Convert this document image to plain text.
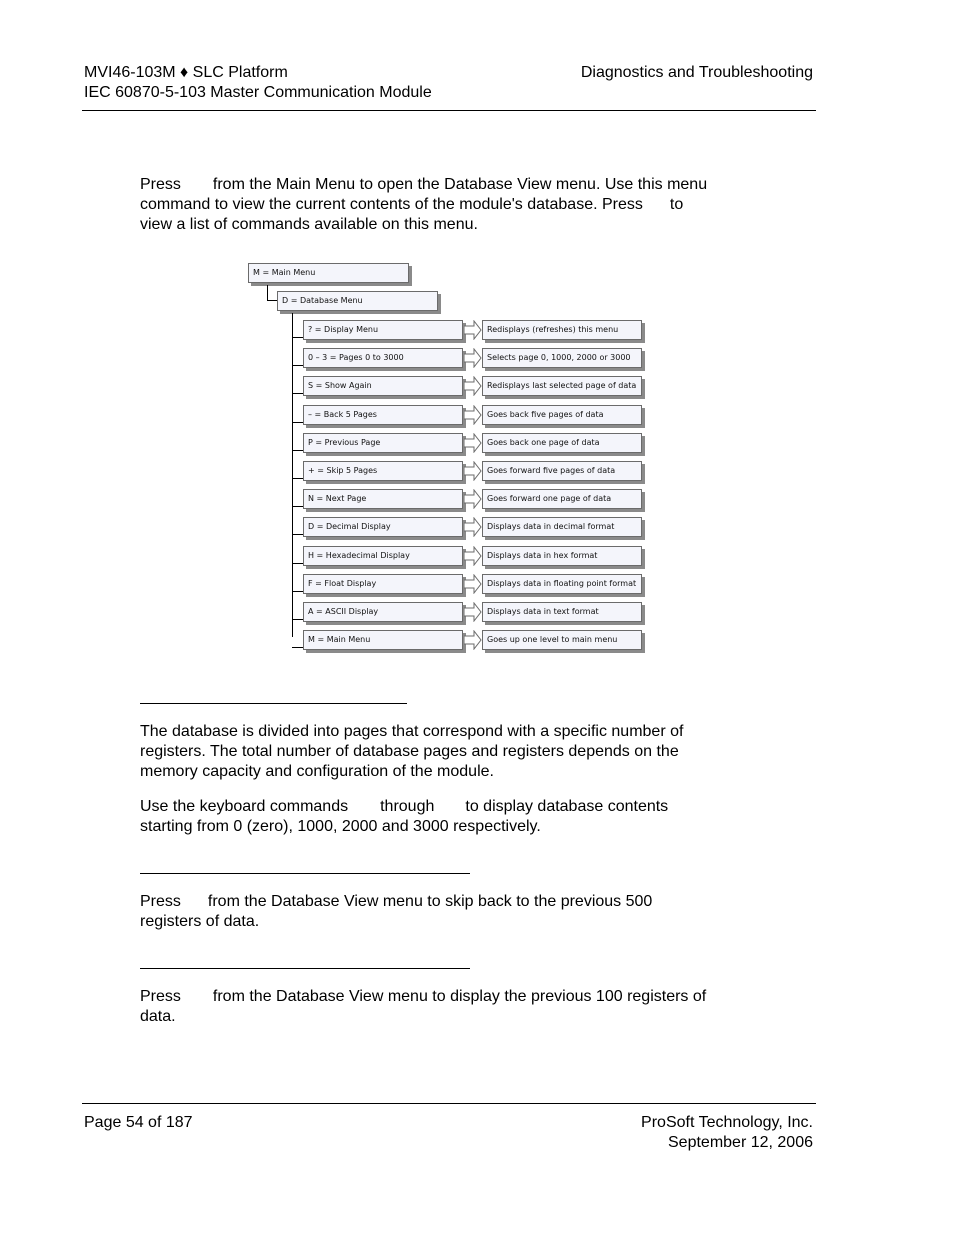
MVI46-103M ♦ SLC Platform
IEC 60870-5-103 Master Communication Module
Diagnostics and Troubleshooting
Press from the Main Menu to open the Database View menu. Use this menu
command to view the current contents of the module's database. Press to
view a list of commands available on this menu.
M = Main Menu
D = Database Menu
? = Display Menu	Redisplays (refreshes) this menu
0 – 3 = Pages 0 to 3000	Selects page 0, 1000, 2000 or 3000
S = Show Again	Redisplays last selected page of data
– = Back 5 Pages	Goes back five pages of data
P = Previous Page	Goes back one page of data
+ = Skip 5 Pages	Goes forward five pages of data
N = Next Page	Goes forward one page of data
D = Decimal Display	Displays data in decimal format
H = Hexadecimal Display	Displays data in hex format
F = Float Display	Displays data in floating point format
A = ASCII Display	Displays data in text format
M = Main Menu	Goes up one level to main menu
The database is divided into pages that correspond with a specific number of
registers. The total number of database pages and registers depends on the
memory capacity and configuration of the module.
Use the keyboard commands through to display database contents
starting from 0 (zero), 1000, 2000 and 3000 respectively.
Press from the Database View menu to skip back to the previous 500
registers of data.
Press from the Database View menu to display the previous 100 registers of
data.
Page 54 of 187	ProSoft Technology, Inc.
September 12, 2006
